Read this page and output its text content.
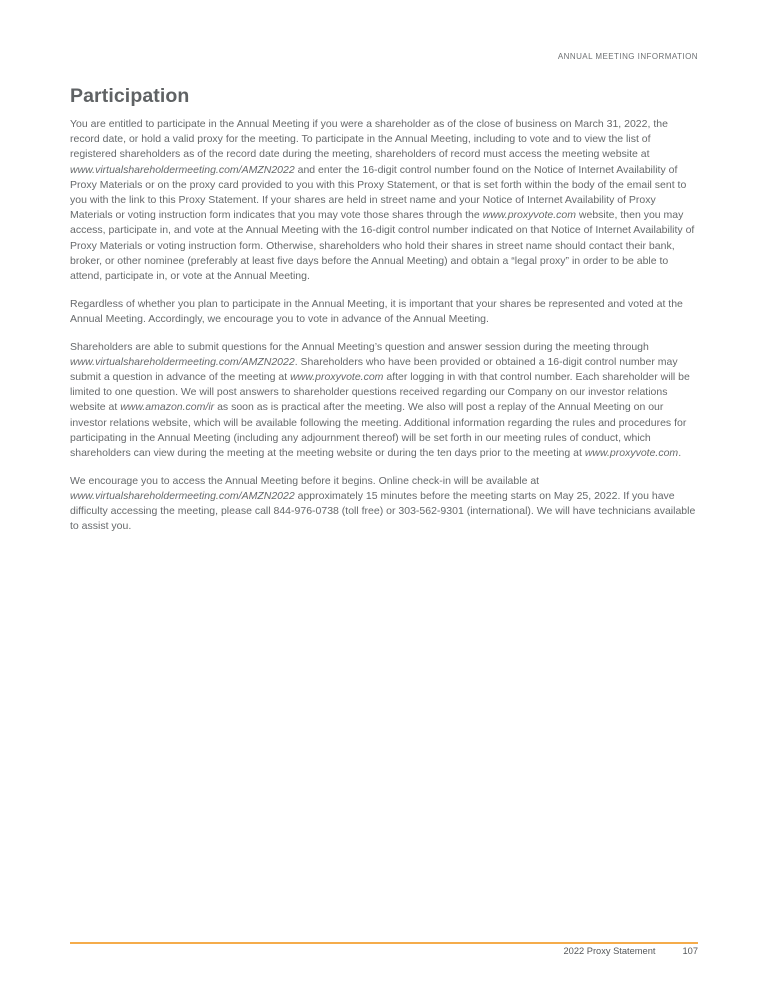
ANNUAL MEETING INFORMATION
Participation

You are entitled to participate in the Annual Meeting if you were a shareholder as of the close of business on March 31, 2022, the record date, or hold a valid proxy for the meeting. To participate in the Annual Meeting, including to vote and to view the list of registered shareholders as of the record date during the meeting, shareholders of record must access the meeting website at www.virtualshareholdermeeting.com/AMZN2022 and enter the 16-digit control number found on the Notice of Internet Availability of Proxy Materials or on the proxy card provided to you with this Proxy Statement, or that is set forth within the body of the email sent to you with the link to this Proxy Statement. If your shares are held in street name and your Notice of Internet Availability of Proxy Materials or voting instruction form indicates that you may vote those shares through the www.proxyvote.com website, then you may access, participate in, and vote at the Annual Meeting with the 16-digit control number indicated on that Notice of Internet Availability of Proxy Materials or voting instruction form. Otherwise, shareholders who hold their shares in street name should contact their bank, broker, or other nominee (preferably at least five days before the Annual Meeting) and obtain a “legal proxy” in order to be able to attend, participate in, or vote at the Annual Meeting.

Regardless of whether you plan to participate in the Annual Meeting, it is important that your shares be represented and voted at the Annual Meeting. Accordingly, we encourage you to vote in advance of the Annual Meeting.

Shareholders are able to submit questions for the Annual Meeting’s question and answer session during the meeting through www.virtualshareholdermeeting.com/AMZN2022. Shareholders who have been provided or obtained a 16-digit control number may submit a question in advance of the meeting at www.proxyvote.com after logging in with that control number. Each shareholder will be limited to one question. We will post answers to shareholder questions received regarding our Company on our investor relations website at www.amazon.com/ir as soon as is practical after the meeting. We also will post a replay of the Annual Meeting on our investor relations website, which will be available following the meeting. Additional information regarding the rules and procedures for participating in the Annual Meeting (including any adjournment thereof) will be set forth in our meeting rules of conduct, which shareholders can view during the meeting at the meeting website or during the ten days prior to the meeting at www.proxyvote.com.

We encourage you to access the Annual Meeting before it begins. Online check-in will be available at www.virtualshareholdermeeting.com/AMZN2022 approximately 15 minutes before the meeting starts on May 25, 2022. If you have difficulty accessing the meeting, please call 844-976-0738 (toll free) or 303-562-9301 (international). We will have technicians available to assist you.

2022 Proxy Statement	107
